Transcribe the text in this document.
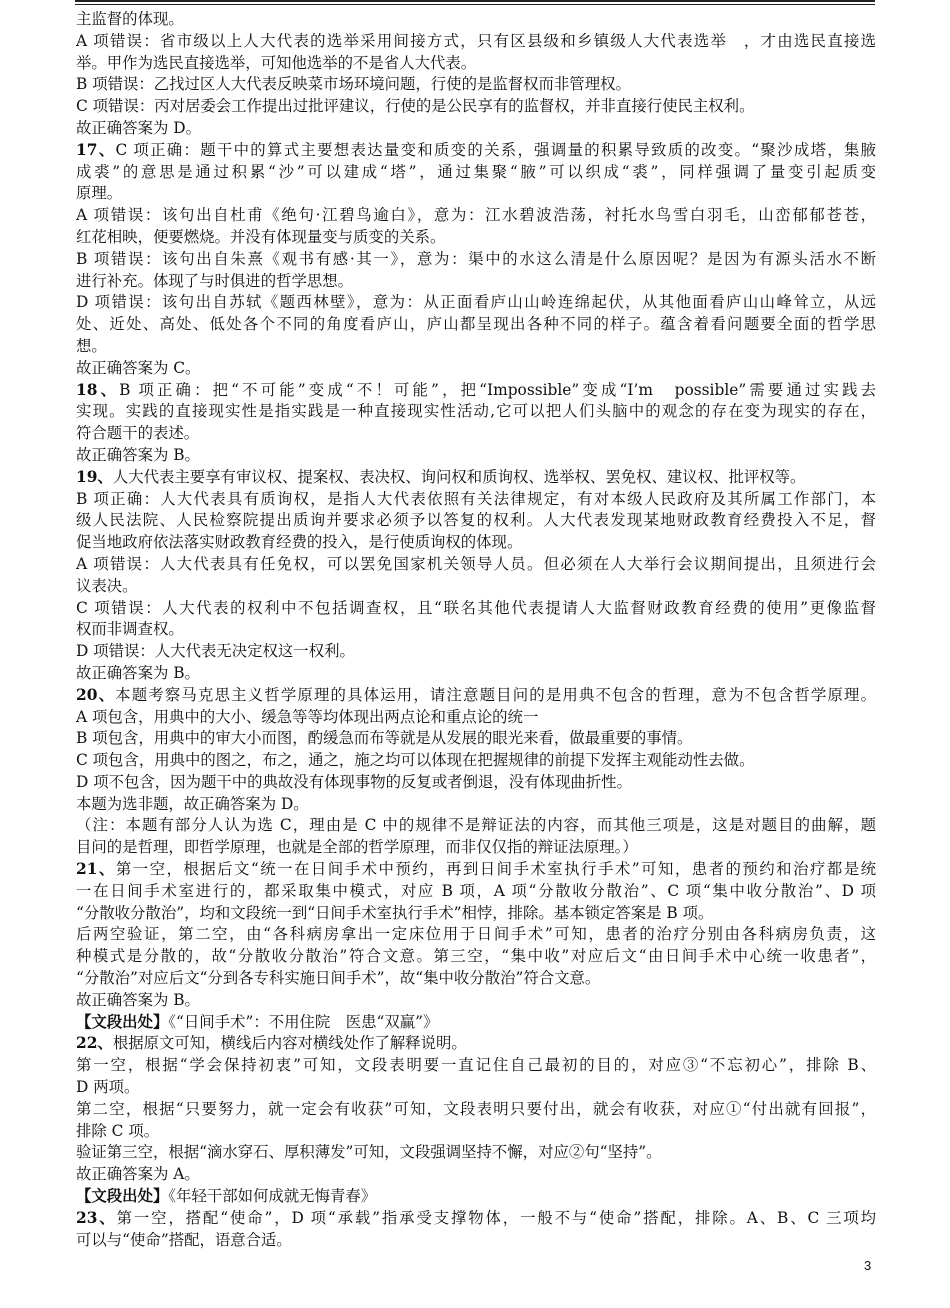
主监督的体现。
A 项错误：省市级以上人大代表的选举采用间接方式，只有区县级和乡镇级人大代表选举　，才由选民直接选
举。甲作为选民直接选举，可知他选举的不是省人大代表。
B 项错误：乙找过区人大代表反映菜市场环境问题，行使的是监督权而非管理权。
C 项错误：丙对居委会工作提出过批评建议，行使的是公民享有的监督权，并非直接行使民主权利。
故正确答案为 D。
17、C 项正确：题干中的算式主要想表达量变和质变的关系，强调量的积累导致质的改变。“聚沙成塔，集腋
成裘”的意思是通过积累“沙”可以建成“塔”，通过集聚“腋”可以织成“裘”，同样强调了量变引起质变
原理。
A 项错误：该句出自杜甫《绝句·江碧鸟逾白》，意为：江水碧波浩荡，衬托水鸟雪白羽毛，山峦郁郁苍苍，
红花相映，便要燃烧。并没有体现量变与质变的关系。
B 项错误：该句出自朱熹《观书有感·其一》，意为：渠中的水这么清是什么原因呢？是因为有源头活水不断
进行补充。体现了与时俱进的哲学思想。
D 项错误：该句出自苏轼《题西林壁》，意为：从正面看庐山山岭连绵起伏，从其他面看庐山山峰耸立，从远
处、近处、高处、低处各个不同的角度看庐山，庐山都呈现出各种不同的样子。蕴含着看问题要全面的哲学思
想。
故正确答案为 C。
18、B 项正确：把“不可能”变成“不！可能”，把“Impossible”变成“I’m　possible”需要通过实践去
实现。实践的直接现实性是指实践是一种直接现实性活动,它可以把人们头脑中的观念的存在变为现实的存在，
符合题干的表述。
故正确答案为 B。
19、人大代表主要享有审议权、提案权、表决权、询问权和质询权、选举权、罢免权、建议权、批评权等。
B 项正确：人大代表具有质询权，是指人大代表依照有关法律规定，有对本级人民政府及其所属工作部门，本
级人民法院、人民检察院提出质询并要求必须予以答复的权利。人大代表发现某地财政教育经费投入不足，督
促当地政府依法落实财政教育经费的投入，是行使质询权的体现。
A 项错误：人大代表具有任免权，可以罢免国家机关领导人员。但必须在人大举行会议期间提出，且须进行会
议表决。
C 项错误：人大代表的权利中不包括调查权，且“联名其他代表提请人大监督财政教育经费的使用”更像监督
权而非调查权。
D 项错误：人大代表无决定权这一权利。
故正确答案为 B。
20、本题考察马克思主义哲学原理的具体运用，请注意题目问的是用典不包含的哲理，意为不包含哲学原理。
A 项包含，用典中的大小、缓急等等均体现出两点论和重点论的统一
B 项包含，用典中的审大小而图，酌缓急而布等就是从发展的眼光来看，做最重要的事情。
C 项包含，用典中的图之，布之，通之，施之均可以体现在把握规律的前提下发挥主观能动性去做。
D 项不包含，因为题干中的典故没有体现事物的反复或者倒退，没有体现曲折性。
本题为选非题，故正确答案为 D。
（注：本题有部分人认为选 C，理由是 C 中的规律不是辩证法的内容，而其他三项是，这是对题目的曲解，题
目问的是哲理，即哲学原理，也就是全部的哲学原理，而非仅仅指的辩证法原理。）
21、第一空，根据后文“统一在日间手术中预约，再到日间手术室执行手术”可知，患者的预约和治疗都是统
一在日间手术室进行的，都采取集中模式，对应 B 项，A 项“分散收分散治”、C 项“集中收分散治”、D 项
“分散收分散治”，均和文段统一到“日间手术室执行手术”相悖，排除。基本锁定答案是 B 项。
后两空验证，第二空，由“各科病房拿出一定床位用于日间手术”可知，患者的治疗分别由各科病房负责，这
种模式是分散的，故“分散收分散治”符合文意。第三空，“集中收”对应后文“由日间手术中心统一收患者”，
“分散治”对应后文“分到各专科实施日间手术”，故“集中收分散治”符合文意。
故正确答案为 B。
【文段出处】《“日间手术”：不用住院　医患“双赢”》
22、根据原文可知，横线后内容对横线处作了解释说明。
第一空，根据“学会保持初衷”可知，文段表明要一直记住自己最初的目的，对应③“不忘初心”，排除 B、
D 两项。
第二空，根据“只要努力，就一定会有收获”可知，文段表明只要付出，就会有收获，对应①“付出就有回报”，
排除 C 项。
验证第三空，根据“滴水穿石、厚积薄发”可知，文段强调坚持不懈，对应②句“坚持”。
故正确答案为 A。
【文段出处】《年轻干部如何成就无悔青春》
23、第一空，搭配“使命”，D 项“承载”指承受支撑物体，一般不与“使命”搭配，排除。A、B、C 三项均
可以与“使命”搭配，语意合适。
3
